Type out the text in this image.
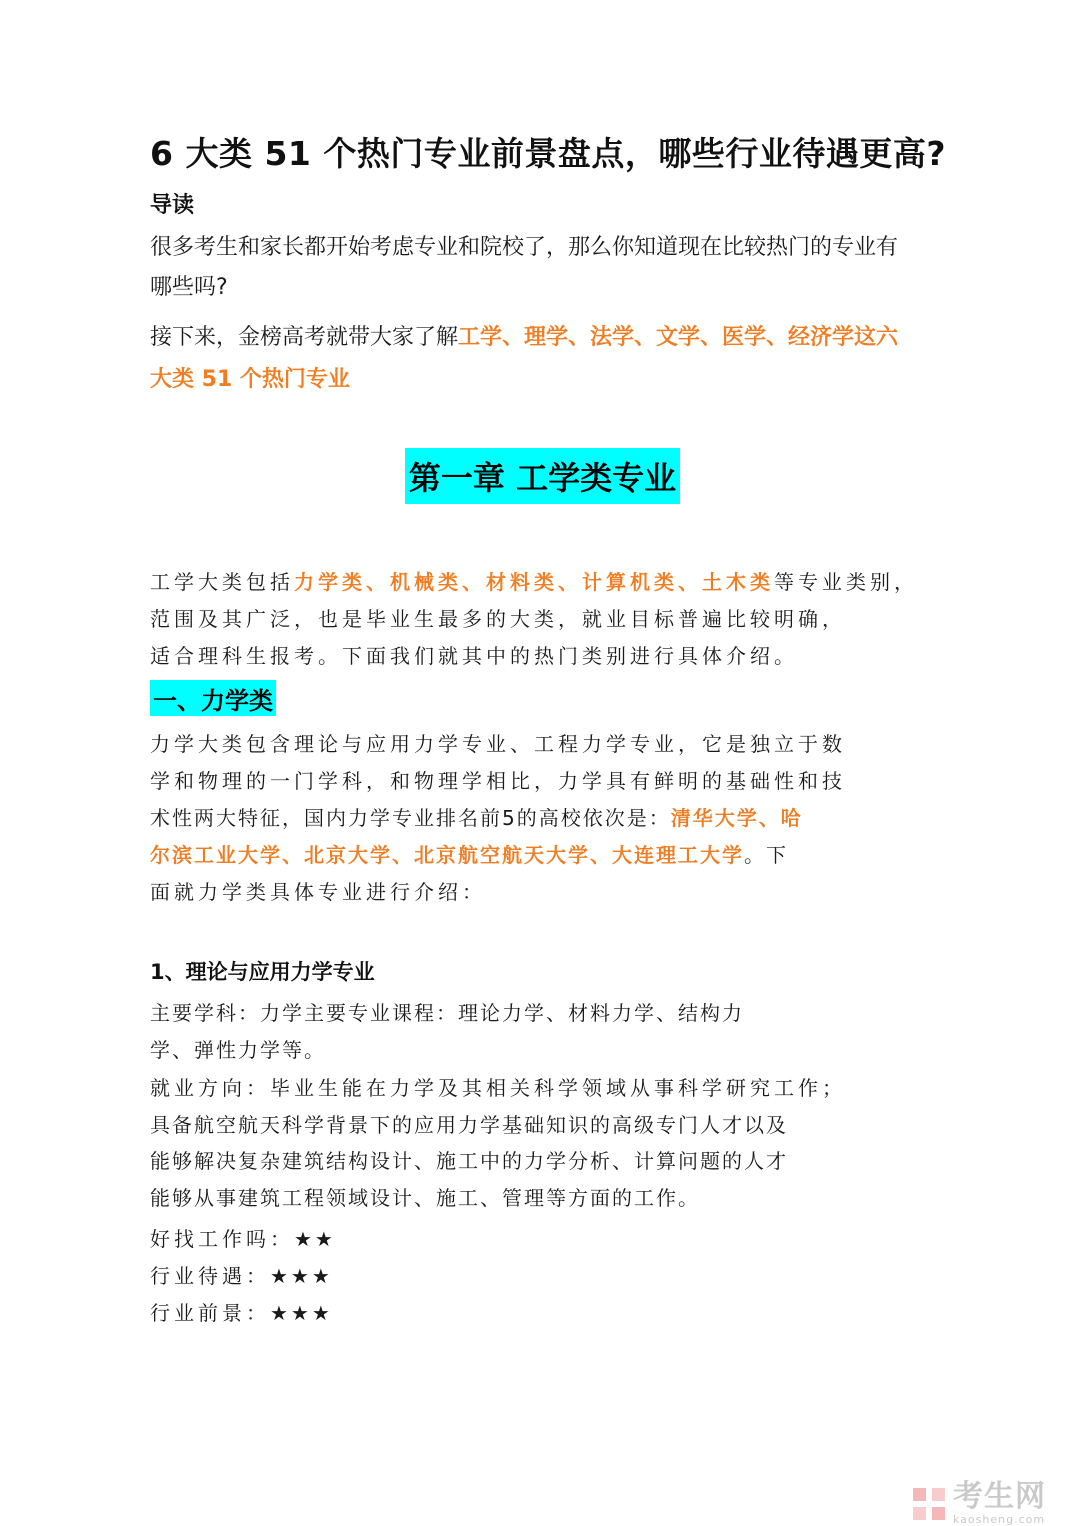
6 大类 51 个热门专业前景盘点，哪些行业待遇更高?
导读
很多考生和家长都开始考虑专业和院校了，那么你知道现在比较热门的专业有
哪些吗?
接下来，金榜高考就带大家了解工学、理学、法学、文学、医学、经济学这六
大类 51 个热门专业
第一章 工学类专业
工学大类包括力学类、机械类、材料类、计算机类、土木类等专业类别，
范围及其广泛，也是毕业生最多的大类，就业目标普遍比较明确，
适合理科生报考。下面我们就其中的热门类别进行具体介绍。
一、力学类
力学大类包含理论与应用力学专业、工程力学专业，它是独立于数
学和物理的一门学科，和物理学相比，力学具有鲜明的基础性和技
术性两大特征，国内力学专业排名前5的高校依次是：清华大学、哈
尔滨工业大学、北京大学、北京航空航天大学、大连理工大学。下
面就力学类具体专业进行介绍：
1、理论与应用力学专业
主要学科：力学主要专业课程：理论力学、材料力学、结构力
学、弹性力学等。
就业方向：毕业生能在力学及其相关科学领域从事科学研究工作；
具备航空航天科学背景下的应用力学基础知识的高级专门人才以及
能够解决复杂建筑结构设计、施工中的力学分析、计算问题的人才
能够从事建筑工程领域设计、施工、管理等方面的工作。
好找工作吗：★★
行业待遇：★★★
行业前景：★★★
考生网
kaosheng.com
